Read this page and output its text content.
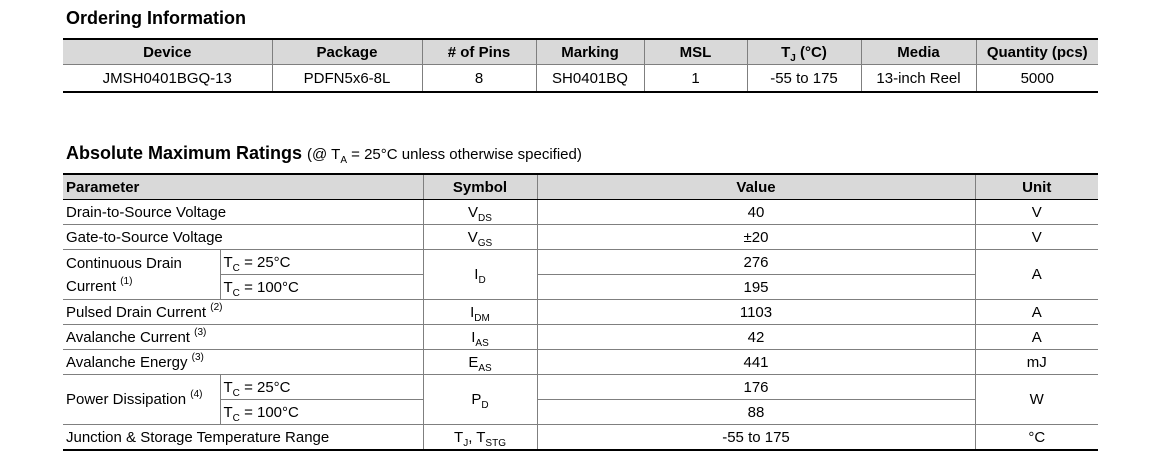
Ordering Information
Device	Package	# of Pins	Marking	MSL	$T_J$ (°C)	Media	Quantity (pcs)
JMSH0401BGQ-13	PDFN5x6-8L	8	SH0401BQ	1	-55 to 175	13-inch Reel	5000
Absolute Maximum Ratings (@ $T_A = 25^\circ C$ unless otherwise specified)
Parameter		Symbol	Value	Unit
Drain-to-Source Voltage		$V_{DS}$	40	V
Gate-to-Source Voltage		$V_{GS}$	±20	V
Continuous Drain
Current $^{(1)}$	$T_C = 25^\circ C$	$I_D$	276	A
	$T_C = 100^\circ C$		195	
Pulsed Drain Current $^{(2)}$		$I_{DM}$	1103	A
Avalanche Current $^{(3)}$		$I_{AS}$	42	A
Avalanche Energy $^{(3)}$		$E_{AS}$	441	mJ
Power Dissipation $^{(4)}$	$T_C = 25^\circ C$	$P_D$	176	W
	$T_C = 100^\circ C$		88	
Junction & Storage Temperature Range		$T_J$, $T_{STG}$	-55 to 175	°C
